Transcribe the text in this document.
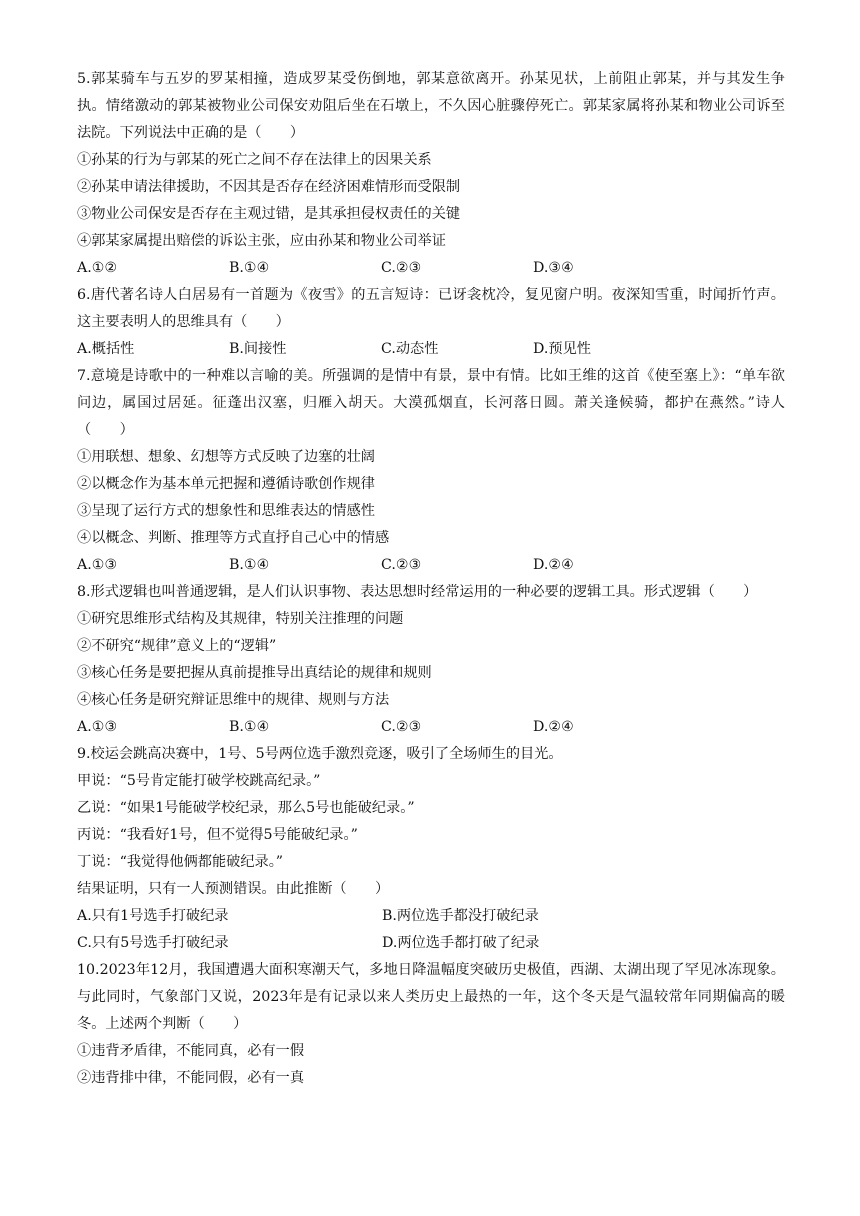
5.郭某骑车与五岁的罗某相撞，造成罗某受伤倒地，郭某意欲离开。孙某见状，上前阻止郭某，并与其发生争执。情绪激动的郭某被物业公司保安劝阻后坐在石墩上，不久因心脏骤停死亡。郭某家属将孙某和物业公司诉至法院。下列说法中正确的是（　　）
①孙某的行为与郭某的死亡之间不存在法律上的因果关系
②孙某申请法律援助，不因其是否存在经济困难情形而受限制
③物业公司保安是否存在主观过错，是其承担侵权责任的关键
④郭某家属提出赔偿的诉讼主张，应由孙某和物业公司举证
A.①②	B.①④	C.②③	D.③④
6.唐代著名诗人白居易有一首题为《夜雪》的五言短诗：已讶衾枕冷，复见窗户明。夜深知雪重，时闻折竹声。这主要表明人的思维具有（　　）
A.概括性	B.间接性	C.动态性	D.预见性
7.意境是诗歌中的一种难以言喻的美。所强调的是情中有景，景中有情。比如王维的这首《使至塞上》：“单车欲问边，属国过居延。征蓬出汉塞，归雁入胡天。大漠孤烟直，长河落日圆。萧关逢候骑，都护在燕然。”诗人（　　）
①用联想、想象、幻想等方式反映了边塞的壮阔
②以概念作为基本单元把握和遵循诗歌创作规律
③呈现了运行方式的想象性和思维表达的情感性
④以概念、判断、推理等方式直抒自己心中的情感
A.①③	B.①④	C.②③	D.②④
8.形式逻辑也叫普通逻辑，是人们认识事物、表达思想时经常运用的一种必要的逻辑工具。形式逻辑（　　）
①研究思维形式结构及其规律，特别关注推理的问题
②不研究“规律”意义上的“逻辑”
③核心任务是要把握从真前提推导出真结论的规律和规则
④核心任务是研究辩证思维中的规律、规则与方法
A.①③	B.①④	C.②③	D.②④
9.校运会跳高决赛中，1号、5号两位选手激烈竞逐，吸引了全场师生的目光。
甲说：“5号肯定能打破学校跳高纪录。”
乙说：“如果1号能破学校纪录，那么5号也能破纪录。”
丙说：“我看好1号，但不觉得5号能破纪录。”
丁说：“我觉得他俩都能破纪录。”
结果证明，只有一人预测错误。由此推断（　　）
A.只有1号选手打破纪录	B.两位选手都没打破纪录
C.只有5号选手打破纪录	D.两位选手都打破了纪录
10.2023年12月，我国遭遇大面积寒潮天气，多地日降温幅度突破历史极值，西湖、太湖出现了罕见冰冻现象。与此同时，气象部门又说，2023年是有记录以来人类历史上最热的一年，这个冬天是气温较常年同期偏高的暖冬。上述两个判断（　　）
①违背矛盾律，不能同真，必有一假
②违背排中律，不能同假，必有一真
